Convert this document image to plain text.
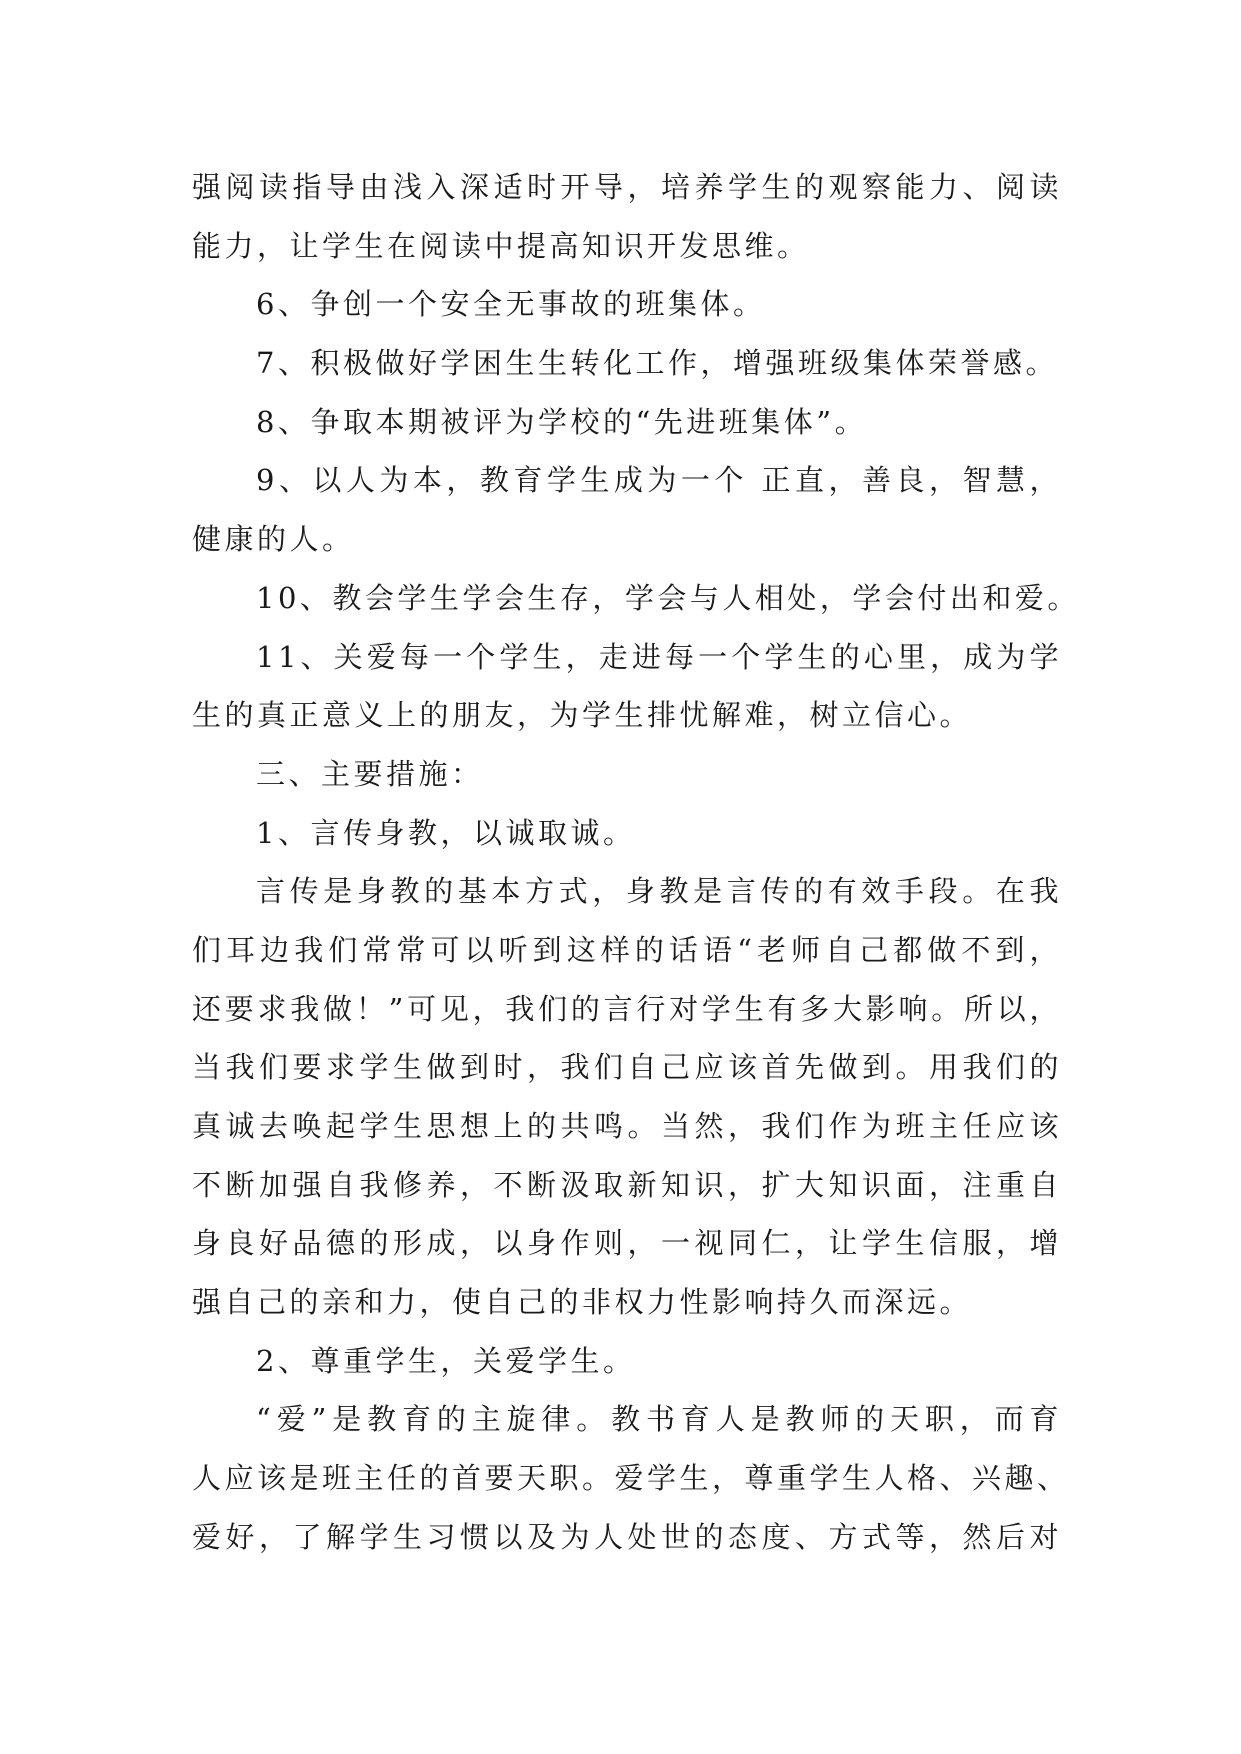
强阅读指导由浅入深适时开导，培养学生的观察能力、阅读
能力，让学生在阅读中提高知识开发思维。
6、争创一个安全无事故的班集体。
7、积极做好学困生生转化工作，增强班级集体荣誉感。
8、争取本期被评为学校的“先进班集体”。
9、以人为本，教育学生成为一个 正直，善良，智慧，
健康的人。
10、教会学生学会生存，学会与人相处，学会付出和爱。
11、关爱每一个学生，走进每一个学生的心里，成为学
生的真正意义上的朋友，为学生排忧解难，树立信心。
三、主要措施：
1、言传身教，以诚取诚。
言传是身教的基本方式，身教是言传的有效手段。在我
们耳边我们常常可以听到这样的话语“老师自己都做不到，
还要求我做！”可见，我们的言行对学生有多大影响。所以，
当我们要求学生做到时，我们自己应该首先做到。用我们的
真诚去唤起学生思想上的共鸣。当然，我们作为班主任应该
不断加强自我修养，不断汲取新知识，扩大知识面，注重自
身良好品德的形成，以身作则，一视同仁，让学生信服，增
强自己的亲和力，使自己的非权力性影响持久而深远。
2、尊重学生，关爱学生。
“爱”是教育的主旋律。教书育人是教师的天职，而育
人应该是班主任的首要天职。爱学生，尊重学生人格、兴趣、
爱好，了解学生习惯以及为人处世的态度、方式等，然后对
